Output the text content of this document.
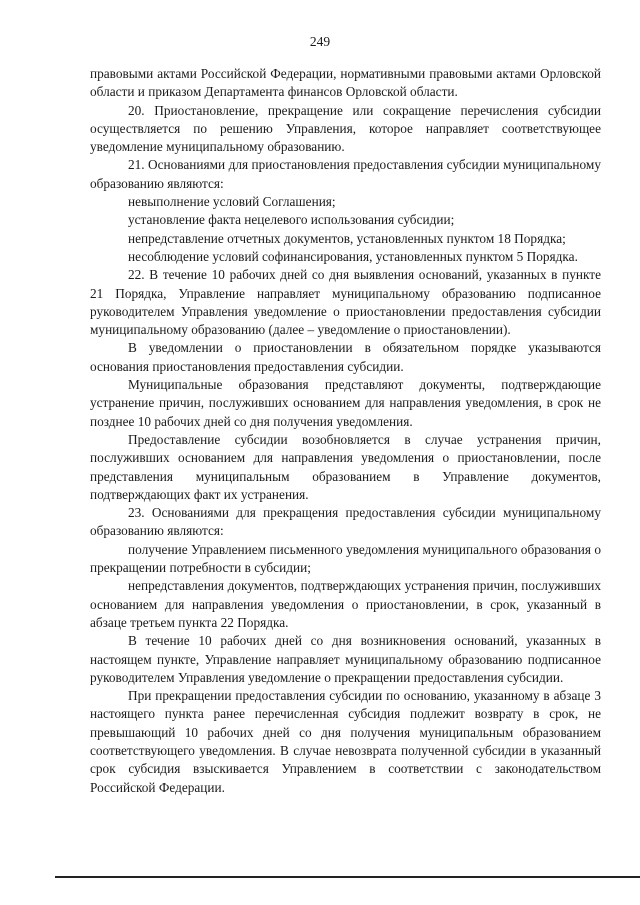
249

правовыми актами Российской Федерации, нормативными правовыми актами Орловской области и приказом Департамента финансов Орловской области.

20. Приостановление, прекращение или сокращение перечисления субсидии осуществляется по решению Управления, которое направляет соответствующее уведомление муниципальному образованию.

21. Основаниями для приостановления предоставления субсидии муниципальному образованию являются:

невыполнение условий Соглашения;

установление факта нецелевого использования субсидии;

непредставление отчетных документов, установленных пунктом 18 Порядка;

несоблюдение условий софинансирования, установленных пунктом 5 Порядка.

22. В течение 10 рабочих дней со дня выявления оснований, указанных в пункте 21 Порядка, Управление направляет муниципальному образованию подписанное руководителем Управления уведомление о приостановлении предоставления субсидии муниципальному образованию (далее – уведомление о приостановлении).

В уведомлении о приостановлении в обязательном порядке указываются основания приостановления предоставления субсидии.

Муниципальные образования представляют документы, подтверждающие устранение причин, послуживших основанием для направления уведомления, в срок не позднее 10 рабочих дней со дня получения уведомления.

Предоставление субсидии возобновляется в случае устранения причин, послуживших основанием для направления уведомления о приостановлении, после представления муниципальным образованием в Управление документов, подтверждающих факт их устранения.

23. Основаниями для прекращения предоставления субсидии муниципальному образованию являются:

получение Управлением письменного уведомления муниципального образования о прекращении потребности в субсидии;

непредставления документов, подтверждающих устранения причин, послуживших основанием для направления уведомления о приостановлении, в срок, указанный в абзаце третьем пункта 22 Порядка.

В течение 10 рабочих дней со дня возникновения оснований, указанных в настоящем пункте, Управление направляет муниципальному образованию подписанное руководителем Управления уведомление о прекращении предоставления субсидии.

При прекращении предоставления субсидии по основанию, указанному в абзаце 3 настоящего пункта ранее перечисленная субсидия подлежит возврату в срок, не превышающий 10 рабочих дней со дня получения муниципальным образованием соответствующего уведомления. В случае невозврата полученной субсидии в указанный срок субсидия взыскивается Управлением в соответствии с законодательством Российской Федерации.
